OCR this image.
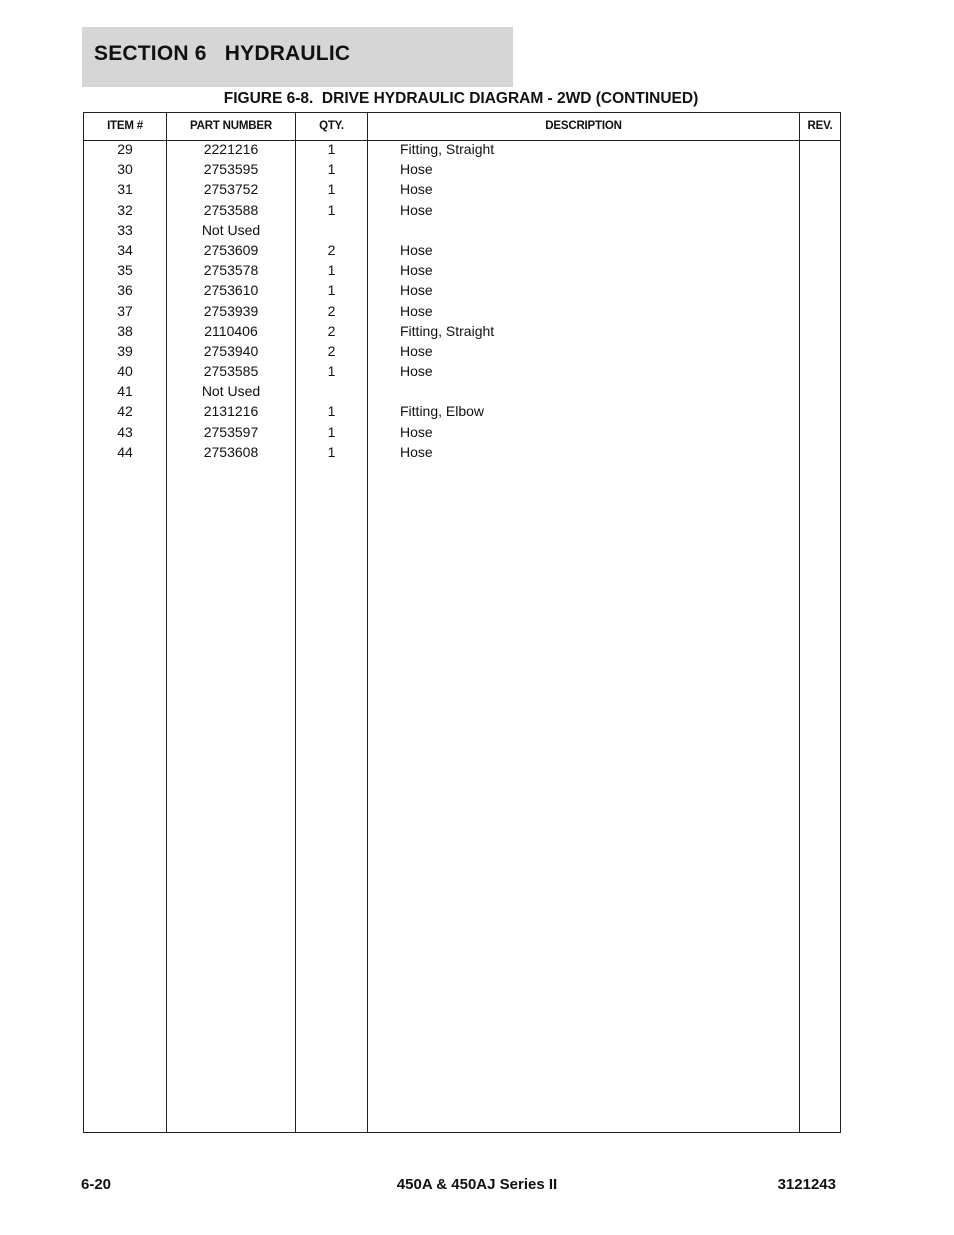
SECTION 6   HYDRAULIC
FIGURE 6-8.  DRIVE HYDRAULIC DIAGRAM - 2WD (CONTINUED)
ITEM #	PART NUMBER	QTY.	DESCRIPTION	REV.
29	2221216	1	Fitting, Straight
30	2753595	1	Hose
31	2753752	1	Hose
32	2753588	1	Hose
33	Not Used
34	2753609	2	Hose
35	2753578	1	Hose
36	2753610	1	Hose
37	2753939	2	Hose
38	2110406	2	Fitting, Straight
39	2753940	2	Hose
40	2753585	1	Hose
41	Not Used
42	2131216	1	Fitting, Elbow
43	2753597	1	Hose
44	2753608	1	Hose
6-20	450A & 450AJ Series II	3121243
